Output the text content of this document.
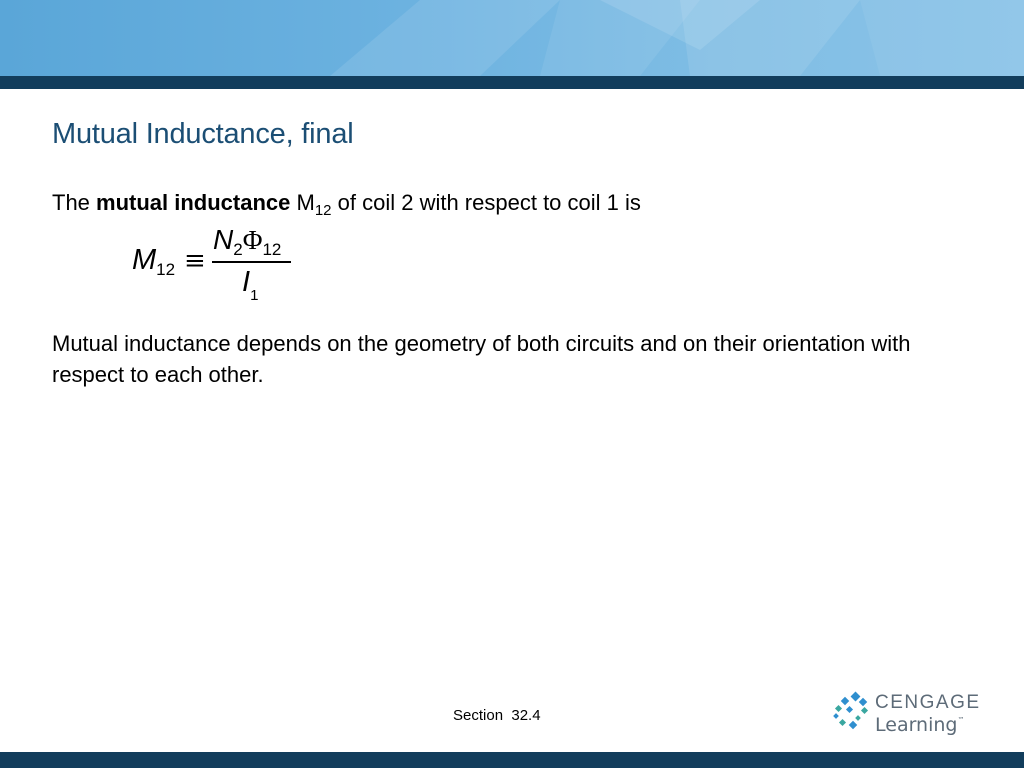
Mutual Inductance, final
The mutual inductance $M_{12}$ of coil 2 with respect to coil 1 is
$M_{12}$ ≡
$N_2\Phi_{12}$
$I_1$

Mutual inductance depends on the geometry of both circuits and on their orientation with respect to each other.

Section  32.4
CENGAGE
Learning™
